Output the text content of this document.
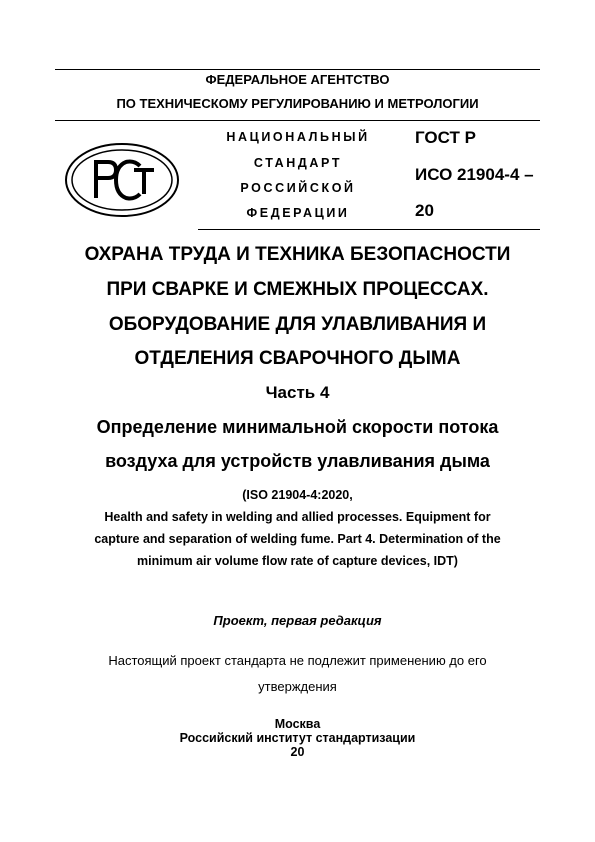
ФЕДЕРАЛЬНОЕ АГЕНТСТВО
ПО ТЕХНИЧЕСКОМУ РЕГУЛИРОВАНИЮ И МЕТРОЛОГИИ
НАЦИОНАЛЬНЫЙ
СТАНДАРТ
РОССИЙСКОЙ
ФЕДЕРАЦИИ
ГОСТ Р
ИСО 21904-4 –
20
ОХРАНА ТРУДА И ТЕХНИКА БЕЗОПАСНОСТИ
ПРИ СВАРКЕ И СМЕЖНЫХ ПРОЦЕССАХ.
ОБОРУДОВАНИЕ ДЛЯ УЛАВЛИВАНИЯ И
ОТДЕЛЕНИЯ СВАРОЧНОГО ДЫМА
Часть 4
Определение минимальной скорости потока
воздуха для устройств улавливания дыма
(ISO 21904-4:2020,
Health and safety in welding and allied processes. Equipment for
capture and separation of welding fume. Part 4. Determination of the
minimum air volume flow rate of capture devices, IDT)
Проект, первая редакция
Настоящий проект стандарта не подлежит применению до его
утверждения
Москва
Российский институт стандартизации
20
